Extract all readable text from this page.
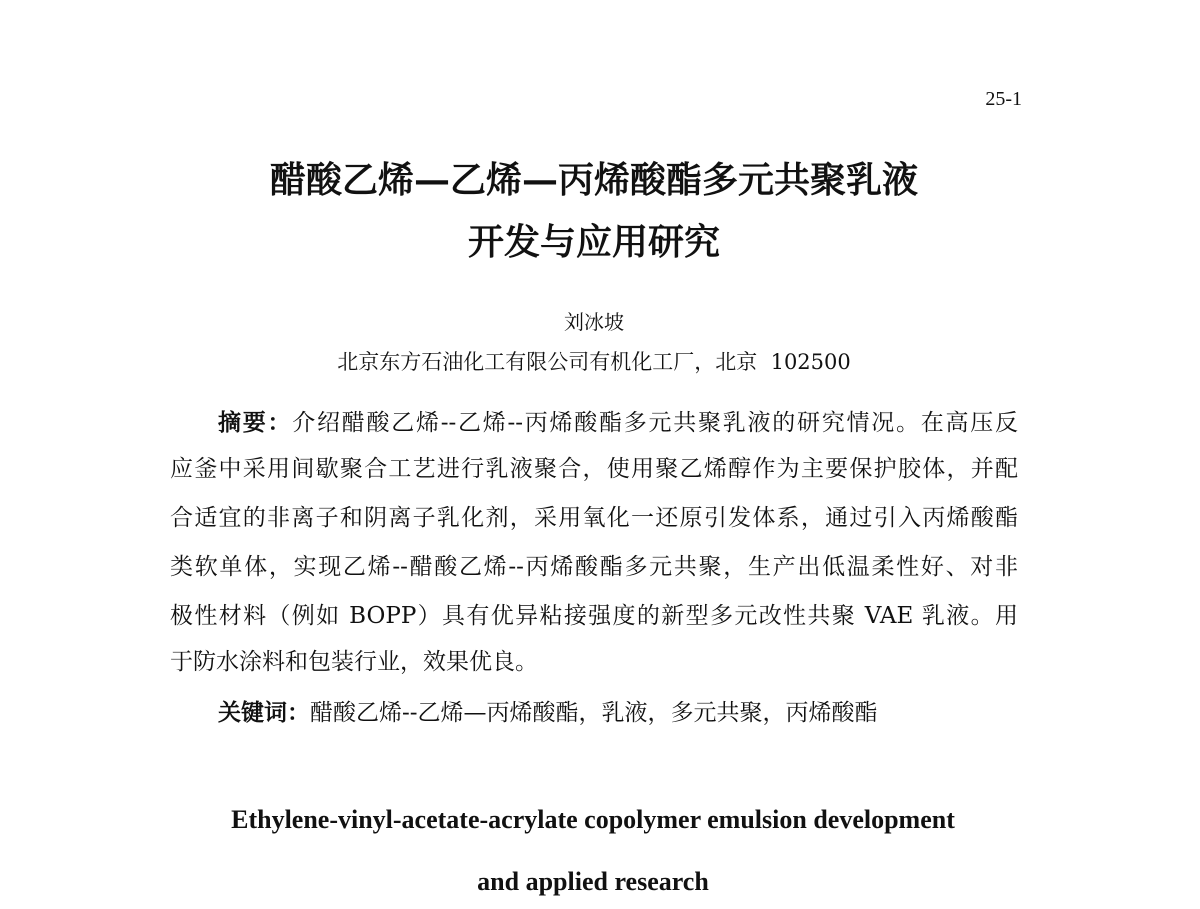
25-1
醋酸乙烯—乙烯—丙烯酸酯多元共聚乳液
开发与应用研究
刘冰坡
北京东方石油化工有限公司有机化工厂，北京  102500
摘要：介绍醋酸乙烯--乙烯--丙烯酸酯多元共聚乳液的研究情况。在高压反
应釜中采用间歇聚合工艺进行乳液聚合，使用聚乙烯醇作为主要保护胶体，并配
合适宜的非离子和阴离子乳化剂，采用氧化一还原引发体系，通过引入丙烯酸酯
类软单体，实现乙烯--醋酸乙烯--丙烯酸酯多元共聚，生产出低温柔性好、对非
极性材料（例如 BOPP）具有优异粘接强度的新型多元改性共聚 VAE 乳液。用
于防水涂料和包装行业，效果优良。
关键词：醋酸乙烯--乙烯—丙烯酸酯，乳液，多元共聚，丙烯酸酯
Ethylene-vinyl-acetate-acrylate copolymer emulsion development
and applied research
